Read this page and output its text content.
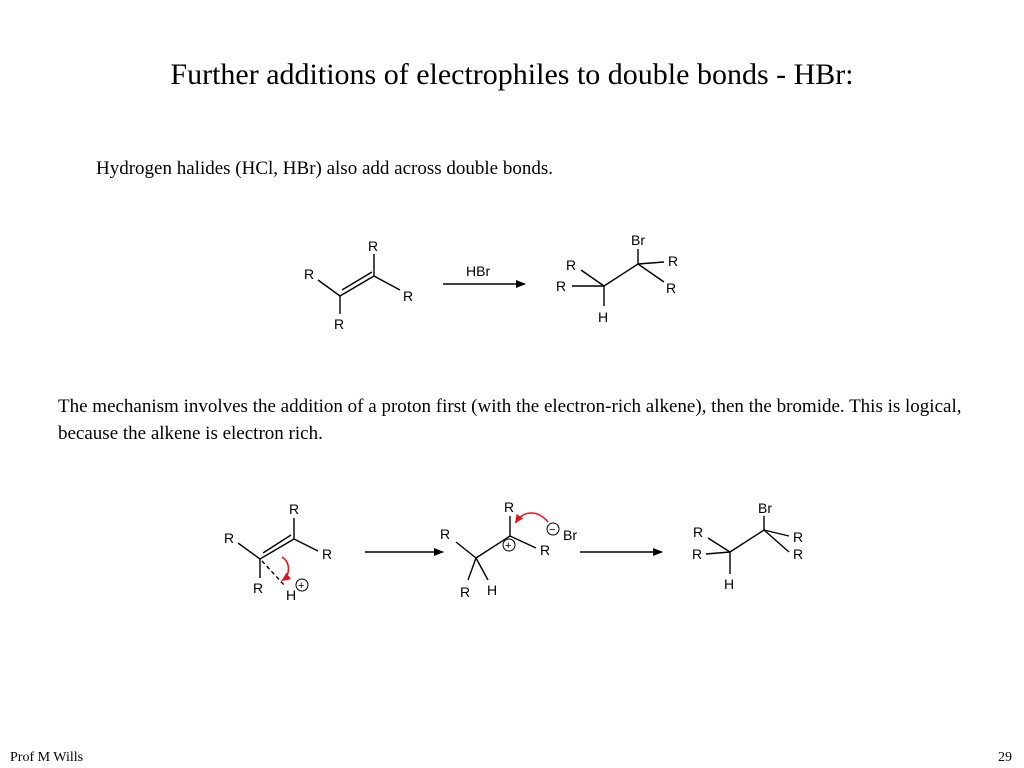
Further additions of electrophiles to double bonds - HBr:

Hydrogen halides (HCl, HBr) also add across double bonds.

The mechanism involves the addition of a proton first (with the electron-rich alkene), then the bromide. This is logical, because the alkene is electron rich.
R
R
R
R
HBr
Br
R
R
H
R
R
R
R
R
R H
+
R
R
R
R H
+
− Br
Br
R
R
H
R
R
Prof M Wills	29
